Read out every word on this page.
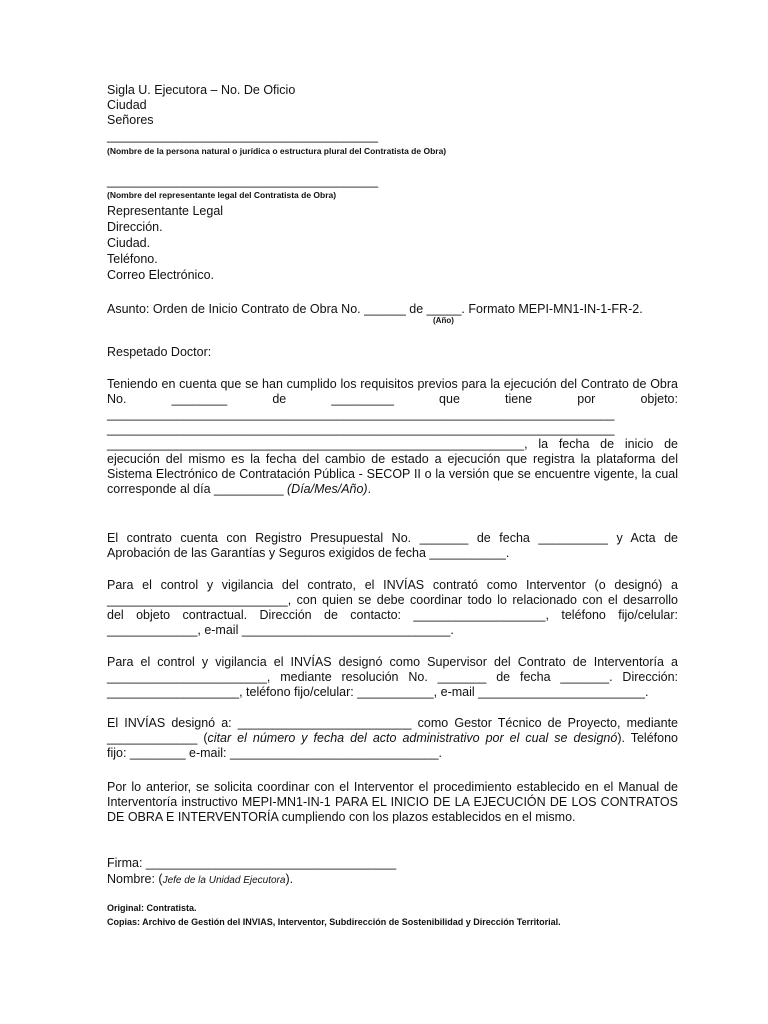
Sigla U. Ejecutora – No. De Oficio
Ciudad
Señores
_______________________________________
(Nombre de la persona natural o jurídica o estructura plural del Contratista de Obra)
_______________________________________
(Nombre del representante legal del Contratista de Obra)
Representante Legal
Dirección.
Ciudad.
Teléfono.
Correo Electrónico.
Asunto: Orden de Inicio Contrato de Obra No. ______ de _____. Formato MEPI-MN1-IN-1-FR-2.
(Año)
Respetado Doctor:
Teniendo en cuenta que se han cumplido los requisitos previos para la ejecución del Contrato de Obra
No. ________ de _________ que tiene por objeto:
_________________________________________________________________________
_________________________________________________________________________
____________________________________________________________, la fecha de inicio de
ejecución del mismo es la fecha del cambio de estado a ejecución que registra la plataforma del
Sistema Electrónico de Contratación Pública - SECOP II o la versión que se encuentre vigente, la cual
corresponde al día __________ (Día/Mes/Año).
El contrato cuenta con Registro Presupuestal No. _______ de fecha __________ y Acta de
Aprobación de las Garantías y Seguros exigidos de fecha ___________.
Para el control y vigilancia del contrato, el INVÍAS contrató como Interventor (o designó) a
__________________________, con quien se debe coordinar todo lo relacionado con el desarrollo
del objeto contractual. Dirección de contacto: ___________________, teléfono fijo/celular:
_____________, e-mail ______________________________.
Para el control y vigilancia el INVÍAS designó como Supervisor del Contrato de Interventoría a
_______________________, mediante resolución No. _______ de fecha _______. Dirección:
___________________, teléfono fijo/celular: ___________, e-mail ________________________.
El INVÍAS designó a: _________________________ como Gestor Técnico de Proyecto, mediante
_____________ (citar el número y fecha del acto administrativo por el cual se designó). Teléfono
fijo: ________ e-mail: ______________________________.
Por lo anterior, se solicita coordinar con el Interventor el procedimiento establecido en el Manual de
Interventoría instructivo MEPI-MN1-IN-1 PARA EL INICIO DE LA EJECUCIÓN DE LOS CONTRATOS
DE OBRA E INTERVENTORÍA cumpliendo con los plazos establecidos en el mismo.
Firma: ____________________________________
Nombre: (Jefe de la Unidad Ejecutora).
Original: Contratista.
Copias: Archivo de Gestión del INVIAS, Interventor, Subdirección de Sostenibilidad y Dirección Territorial.
